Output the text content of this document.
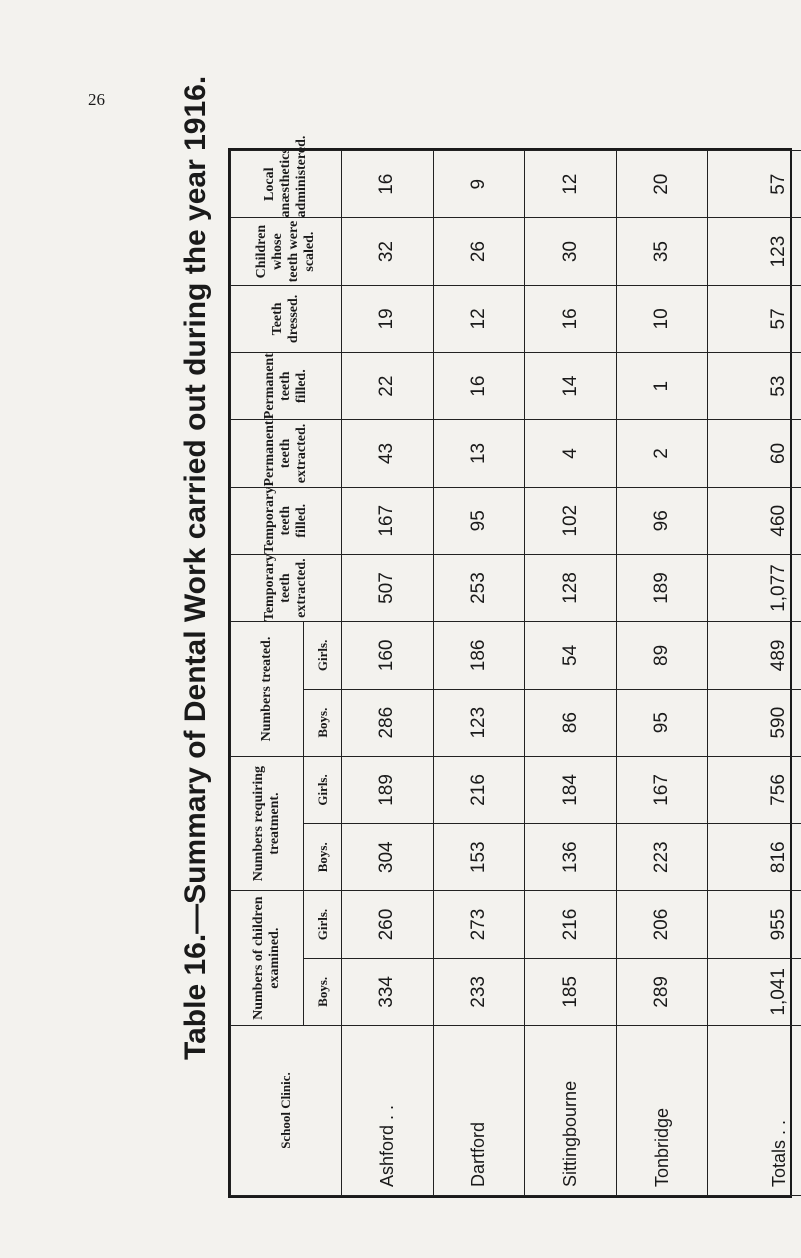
26 Table 16.—Summary of Dental Work carried out during the year 1916.
School Clinic.	Numbers of children examined.		Numbers requiring treatment.		Numbers treated.		Temporary teeth extracted.	Temporary teeth filled.	Permanent teeth extracted.	Permanent teeth filled.	Teeth dressed.	Children whose teeth were scaled.	Local anæsthetics administered.
	Boys.	Girls.	Boys.	Girls.	Boys.	Girls.							
Ashford . .	334	260	304	189	286	160	507	167	43	22	19	32	16
Dartford	233	273	153	216	123	186	253	95	13	16	12	26	9
Sittingbourne	185	216	136	184	86	54	128	102	4	14	16	30	12
Tonbridge	289	206	223	167	95	89	189	96	2	1	10	35	20
Totals . .	1,041	955	816	756	590	489	1,077	460	60	53	57	123	57
